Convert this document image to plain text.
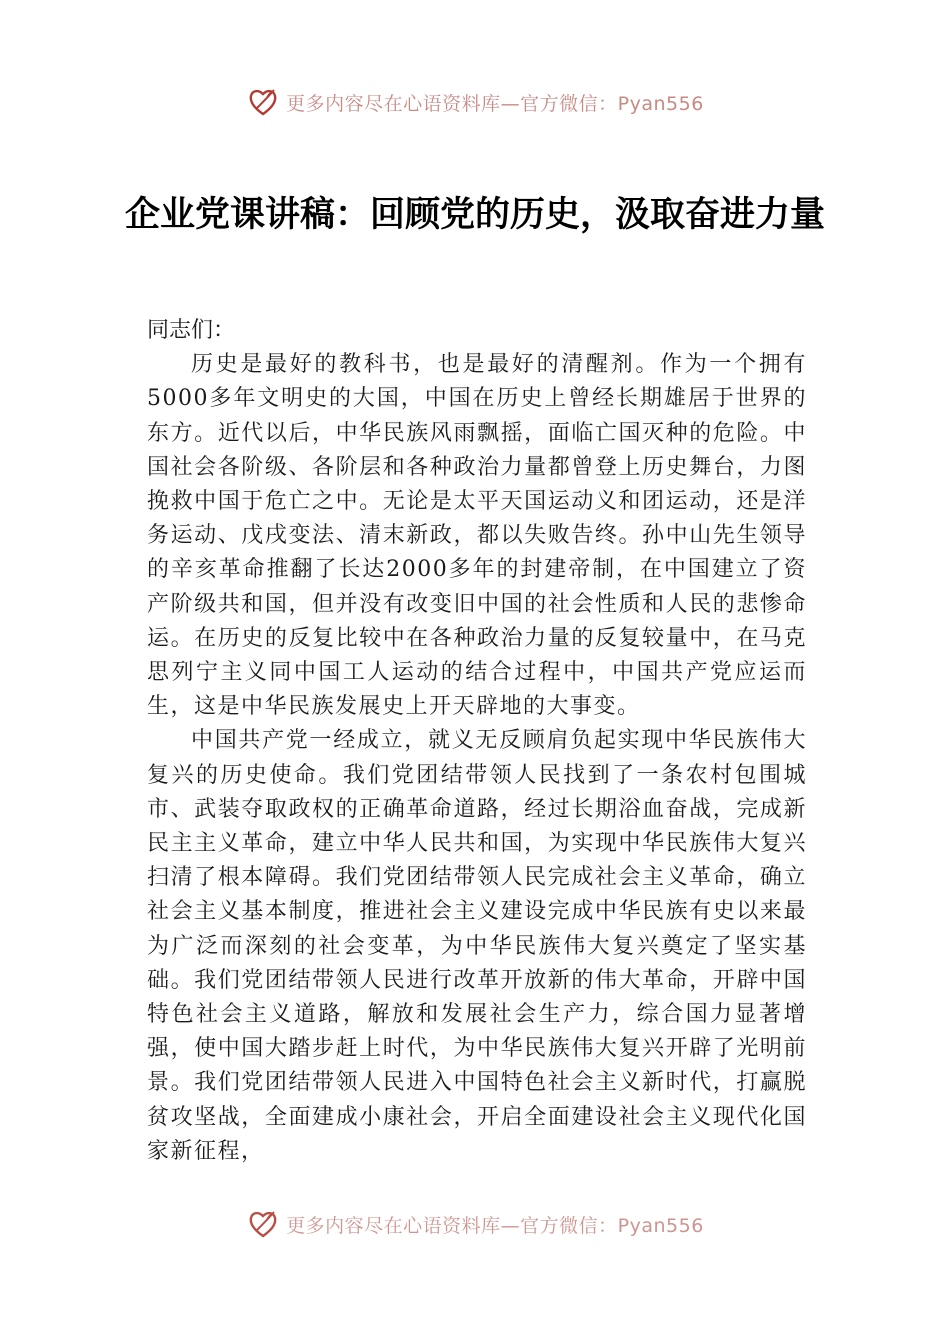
更多内容尽在心语资料库—官方微信：Pyan556
企业党课讲稿：回顾党的历史，汲取奋进力量

同志们：

历史是最好的教科书，也是最好的清醒剂。作为一个拥有5000多年文明史的大国，中国在历史上曾经长期雄居于世界的东方。近代以后，中华民族风雨飘摇，面临亡国灭种的危险。中国社会各阶级、各阶层和各种政治力量都曾登上历史舞台，力图挽救中国于危亡之中。无论是太平天国运动义和团运动，还是洋务运动、戊戌变法、清末新政，都以失败告终。孙中山先生领导的辛亥革命推翻了长达2000多年的封建帝制，在中国建立了资产阶级共和国，但并没有改变旧中国的社会性质和人民的悲惨命运。在历史的反复比较中在各种政治力量的反复较量中，在马克思列宁主义同中国工人运动的结合过程中，中国共产党应运而生，这是中华民族发展史上开天辟地的大事变。

中国共产党一经成立，就义无反顾肩负起实现中华民族伟大复兴的历史使命。我们党团结带领人民找到了一条农村包围城市、武装夺取政权的正确革命道路，经过长期浴血奋战，完成新民主主义革命，建立中华人民共和国，为实现中华民族伟大复兴扫清了根本障碍。我们党团结带领人民完成社会主义革命，确立社会主义基本制度，推进社会主义建设完成中华民族有史以来最为广泛而深刻的社会变革，为中华民族伟大复兴奠定了坚实基础。我们党团结带领人民进行改革开放新的伟大革命，开辟中国特色社会主义道路，解放和发展社会生产力，综合国力显著增强，使中国大踏步赶上时代，为中华民族伟大复兴开辟了光明前景。我们党团结带领人民进入中国特色社会主义新时代，打赢脱贫攻坚战，全面建成小康社会，开启全面建设社会主义现代化国家新征程，

更多内容尽在心语资料库—官方微信：Pyan556
